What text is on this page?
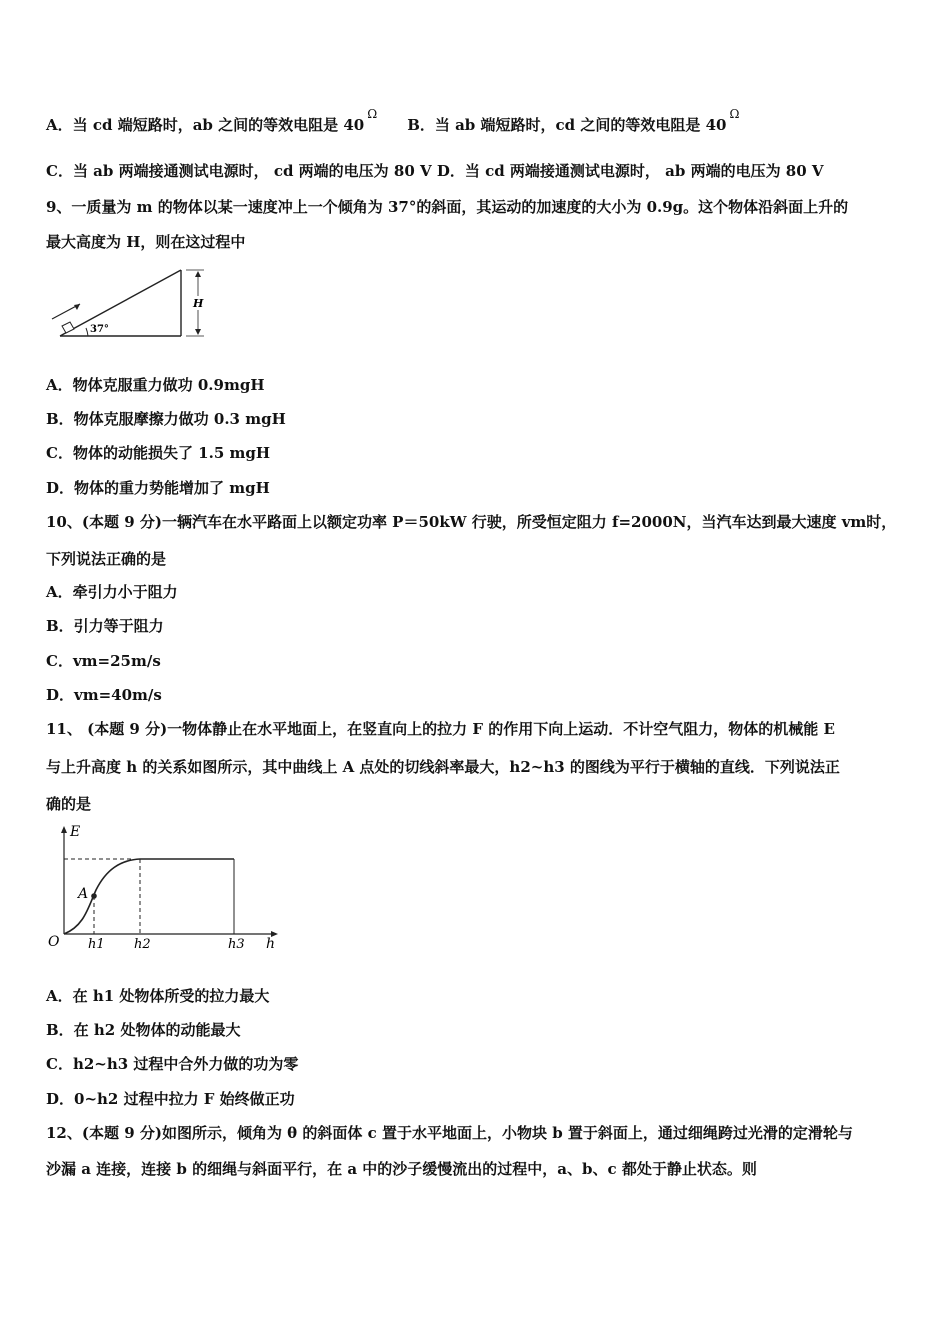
A．当 cd 端短路时，ab 之间的等效电阻是 $40^\Omega B$．当 ab 端短路时，cd 之间的等效电阻是 $40^\Omega$
C．当 ab 两端接通测试电源时， cd 两端的电压为 80 V D．当 cd 两端接通测试电源时， ab 两端的电压为 80 V
9、一质量为 m 的物体以某一速度冲上一个倾角为 37°的斜面，其运动的加速度的大小为 0.9g。这个物体沿斜面上升的
最大高度为 H，则在这过程中
37°
H
A．物体克服重力做功 0.9mgH
B．物体克服摩擦力做功 0.3 mgH
C．物体的动能损失了 1.5 mgH
D．物体的重力势能增加了 mgH
10、(本题 9 分)一辆汽车在水平路面上以额定功率 P＝50kW 行驶，所受恒定阻力 f=2000N，当汽车达到最大速度 vm时，
下列说法正确的是
A．牵引力小于阻力
B．引力等于阻力
C．vm=25m/s
D．vm=40m/s
11、 (本题 9 分)一物体静止在水平地面上，在竖直向上的拉力 F 的作用下向上运动．不计空气阻力，物体的机械能 E
与上升高度 h 的关系如图所示，其中曲线上 A 点处的切线斜率最大，h2~h3 的图线为平行于横轴的直线．下列说法正
确的是
E
h
O
A
h1 h2	h3
A．在 h1 处物体所受的拉力最大
B．在 h2 处物体的动能最大
C．h2~h3 过程中合外力做的功为零
D．0~h2 过程中拉力 F 始终做正功
12、(本题 9 分)如图所示，倾角为 θ 的斜面体 c 置于水平地面上，小物块 b 置于斜面上，通过细绳跨过光滑的定滑轮与
沙漏 a 连接，连接 b 的细绳与斜面平行，在 a 中的沙子缓慢流出的过程中，a、b、c 都处于静止状态。则
